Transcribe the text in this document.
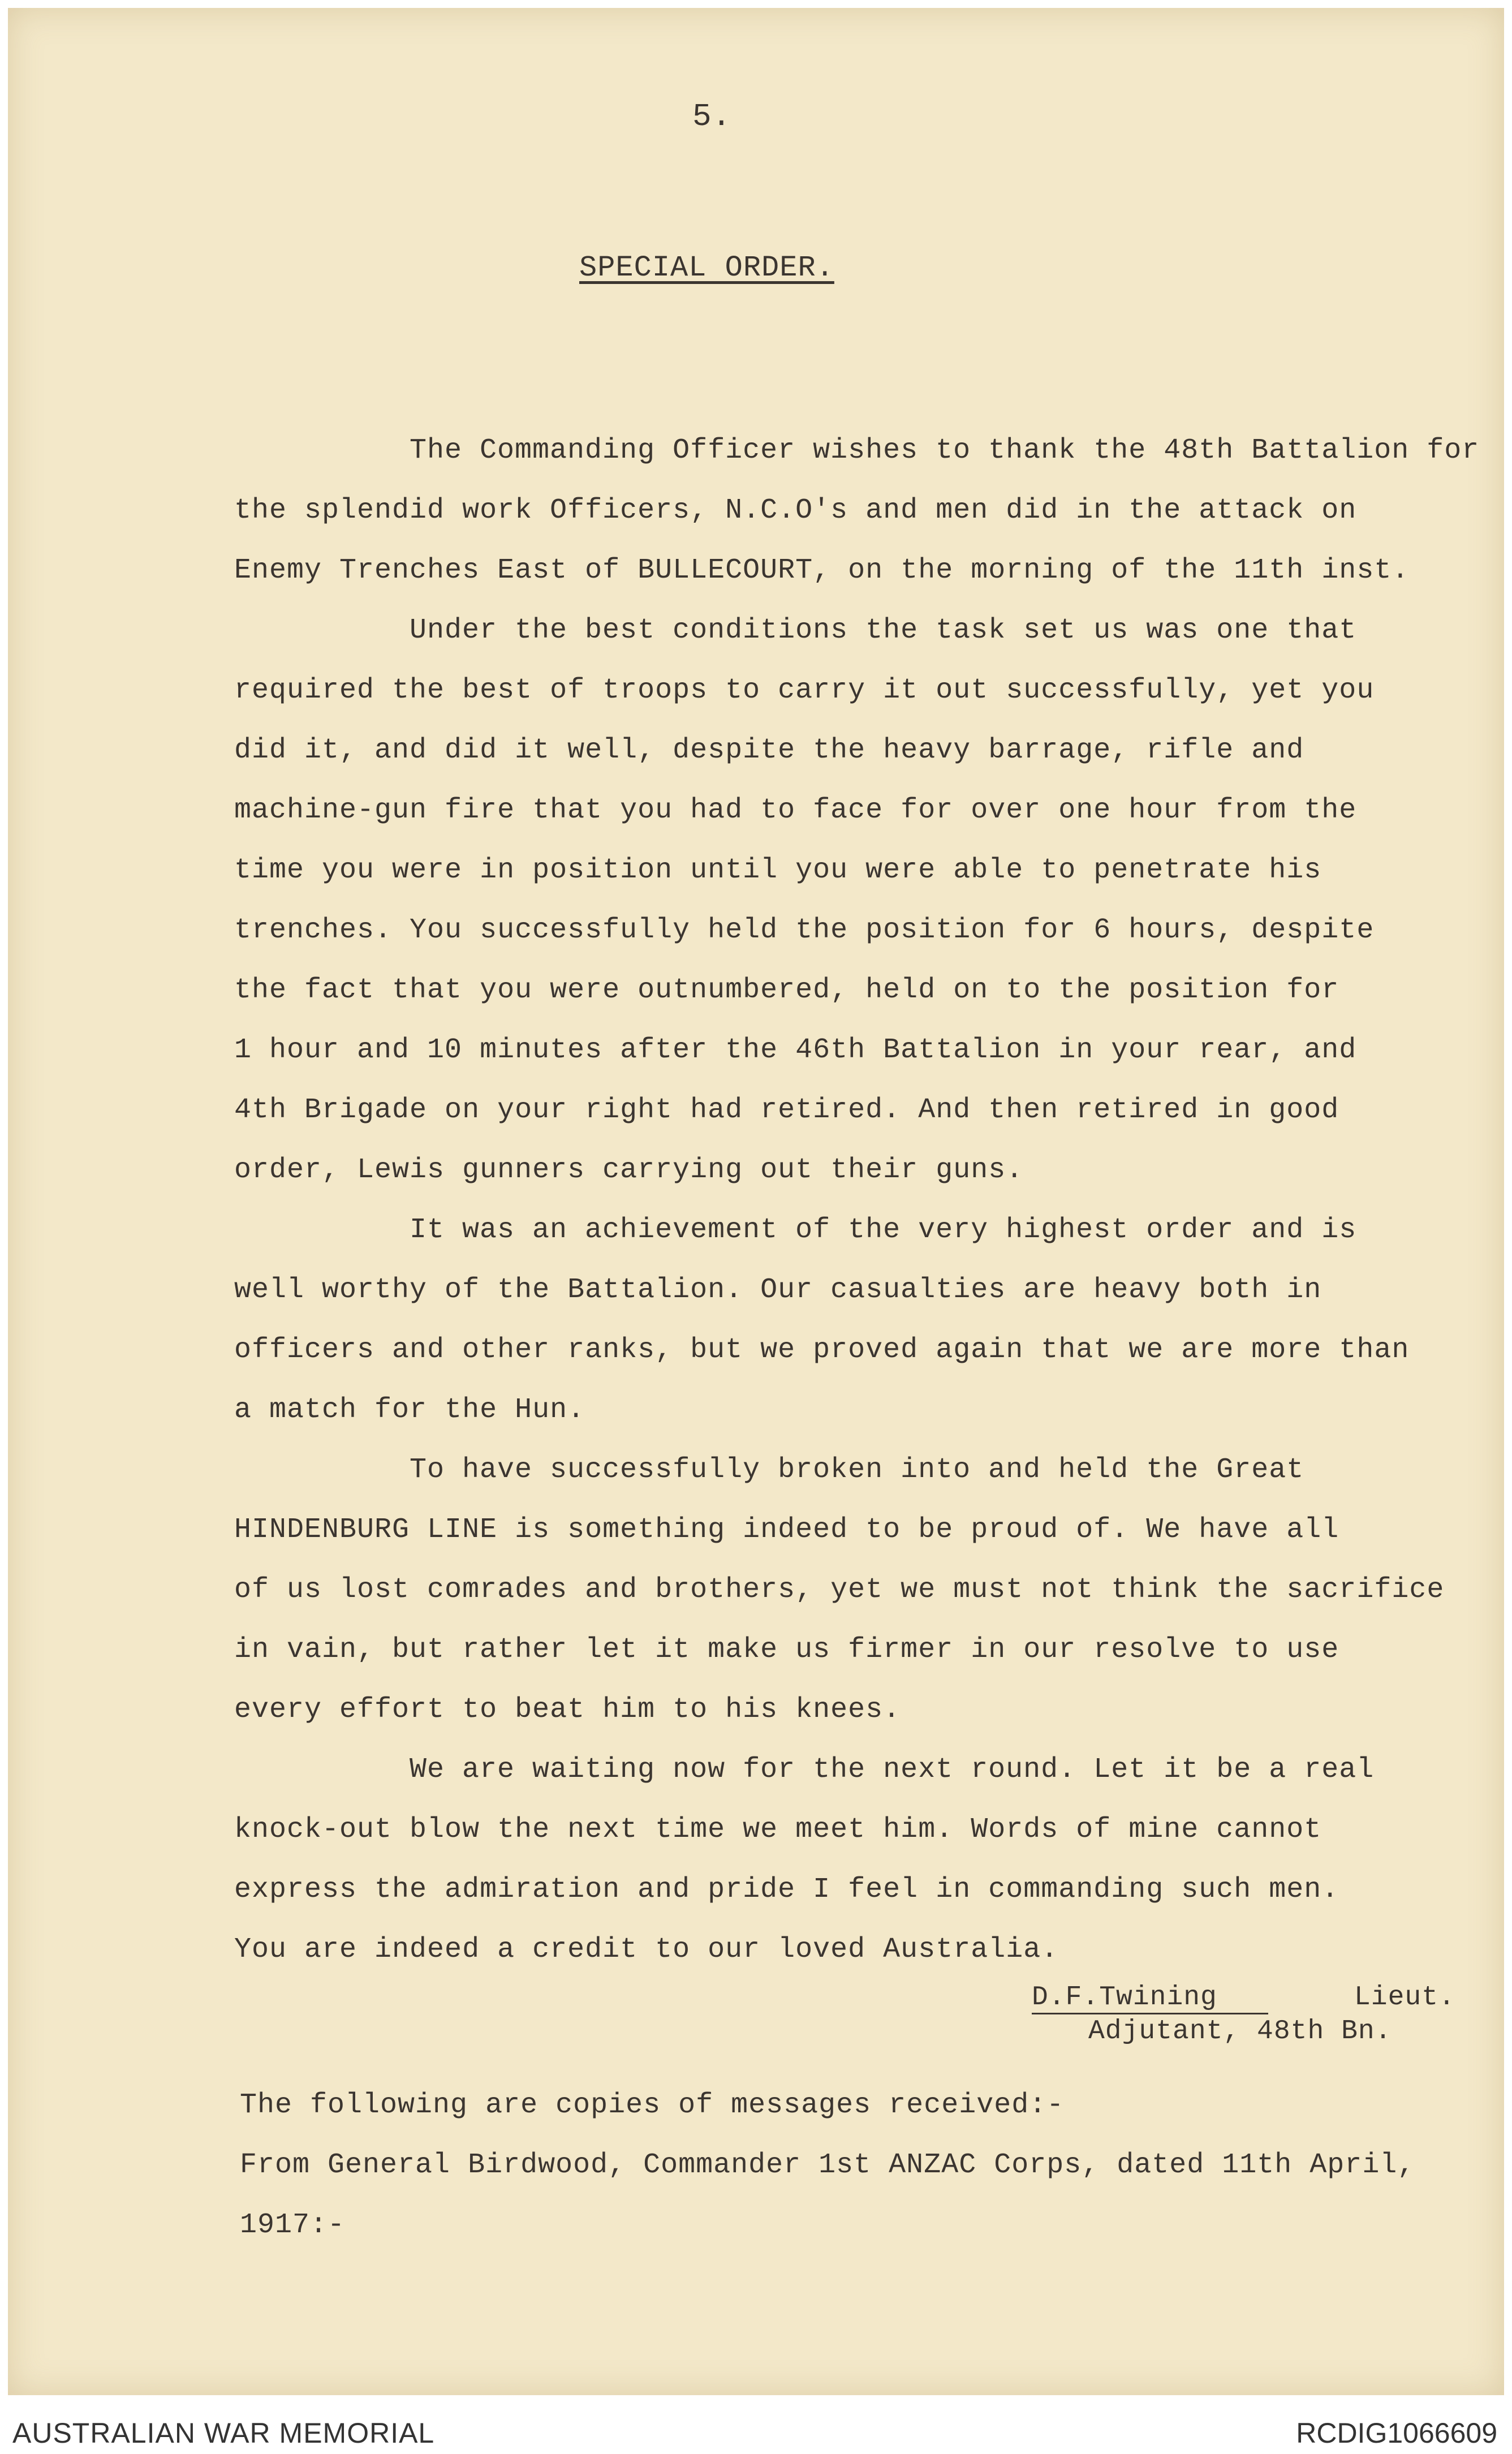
5.
SPECIAL ORDER.
The Commanding Officer wishes to thank the 48th Battalion for
the splendid work Officers, N.C.O's and men did in the attack on
Enemy Trenches East of BULLECOURT, on the morning of the 11th inst.
Under the best conditions the task set us was one that
required the best of troops to carry it out successfully, yet you
did it, and did it well, despite the heavy barrage, rifle and
machine-gun fire that you had to face for over one hour from the
time you were in position until you were able to penetrate his
trenches. You successfully held the position for 6 hours, despite
the fact that you were outnumbered, held on to the position for
1 hour and 10 minutes after the 46th Battalion in your rear, and
4th Brigade on your right had retired. And then retired in good
order, Lewis gunners carrying out their guns.
It was an achievement of the very highest order and is
well worthy of the Battalion. Our casualties are heavy both in
officers and other ranks, but we proved again that we are more than
a match for the Hun.
To have successfully broken into and held the Great
HINDENBURG LINE is something indeed to be proud of. We have all
of us lost comrades and brothers, yet we must not think the sacrifice
in vain, but rather let it make us firmer in our resolve to use
every effort to beat him to his knees.
We are waiting now for the next round. Let it be a real
knock-out blow the next time we meet him. Words of mine cannot
express the admiration and pride I feel in commanding such men.
You are indeed a credit to our loved Australia.
D.F.Twining	Lieut.
Adjutant, 48th Bn.
The following are copies of messages received:-
From General Birdwood, Commander 1st ANZAC Corps, dated 11th April,
1917:-
AUSTRALIAN WAR MEMORIAL	RCDIG1066609
